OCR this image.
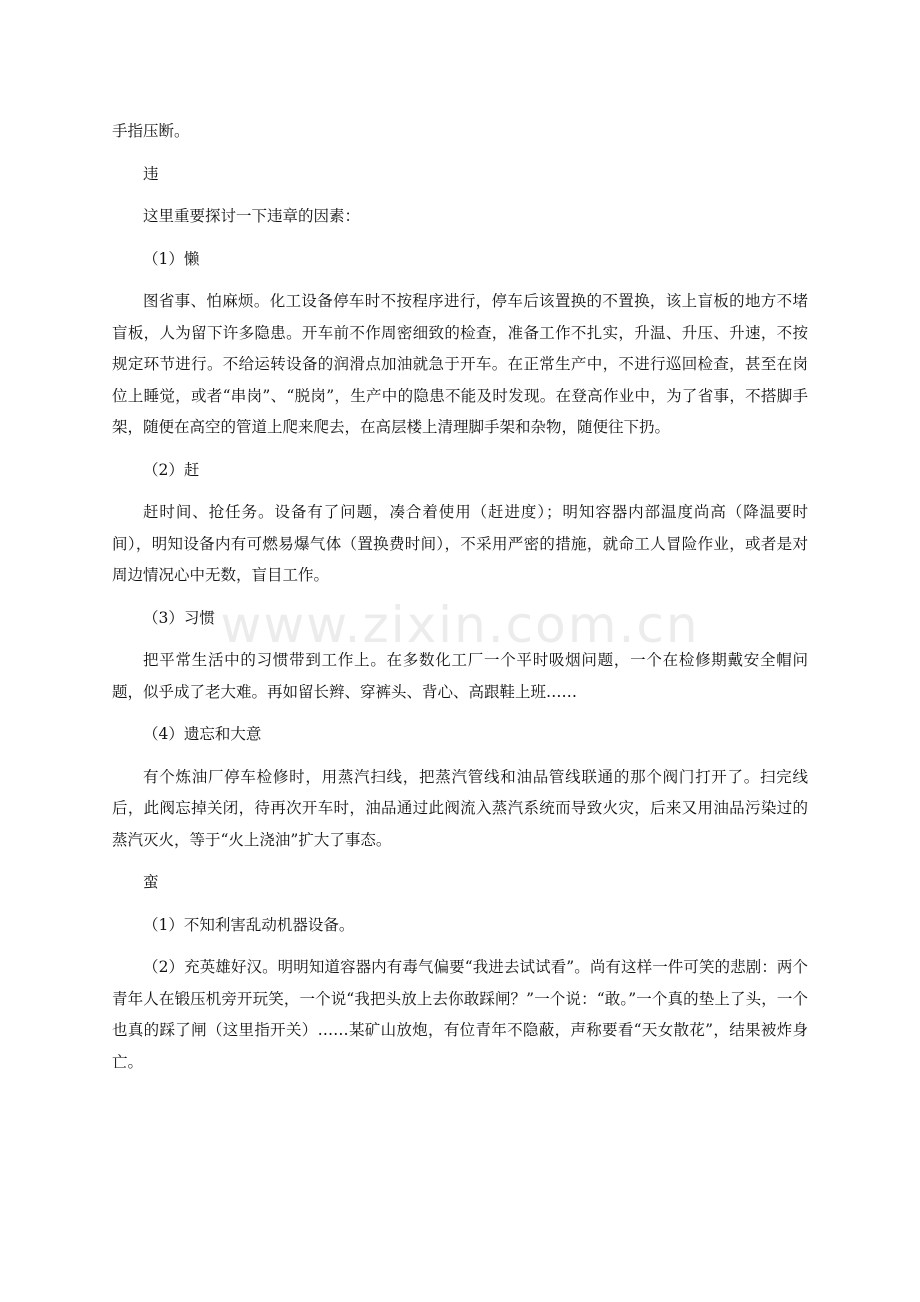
手指压断。

违

这里重要探讨一下违章的因素：

（1）懒

图省事、怕麻烦。化工设备停车时不按程序进行，停车后该置换的不置换，该上盲板的地方不堵盲板，人为留下许多隐患。开车前不作周密细致的检查，准备工作不扎实，升温、升压、升速，不按规定环节进行。不给运转设备的润滑点加油就急于开车。在正常生产中，不进行巡回检查，甚至在岗位上睡觉，或者“串岗”、“脱岗”，生产中的隐患不能及时发现。在登高作业中，为了省事，不搭脚手架，随便在高空的管道上爬来爬去，在高层楼上清理脚手架和杂物，随便往下扔。

（2）赶

赶时间、抢任务。设备有了问题，凑合着使用（赶进度）；明知容器内部温度尚高（降温要时间），明知设备内有可燃易爆气体（置换费时间），不采用严密的措施，就命工人冒险作业，或者是对周边情况心中无数，盲目工作。

（3）习惯

把平常生活中的习惯带到工作上。在多数化工厂一个平时吸烟问题，一个在检修期戴安全帽问题，似乎成了老大难。再如留长辫、穿裤头、背心、高跟鞋上班……

（4）遗忘和大意

有个炼油厂停车检修时，用蒸汽扫线，把蒸汽管线和油品管线联通的那个阀门打开了。扫完线后，此阀忘掉关闭，待再次开车时，油品通过此阀流入蒸汽系统而导致火灾，后来又用油品污染过的蒸汽灭火，等于“火上浇油”扩大了事态。

蛮

（1）不知利害乱动机器设备。

（2）充英雄好汉。明明知道容器内有毒气偏要“我进去试试看”。尚有这样一件可笑的悲剧：两个青年人在锻压机旁开玩笑，一个说“我把头放上去你敢踩闸？”一个说：“敢。”一个真的垫上了头，一个也真的踩了闸（这里指开关）……某矿山放炮，有位青年不隐蔽，声称要看“天女散花”，结果被炸身亡。

www.zixin.com.cn
